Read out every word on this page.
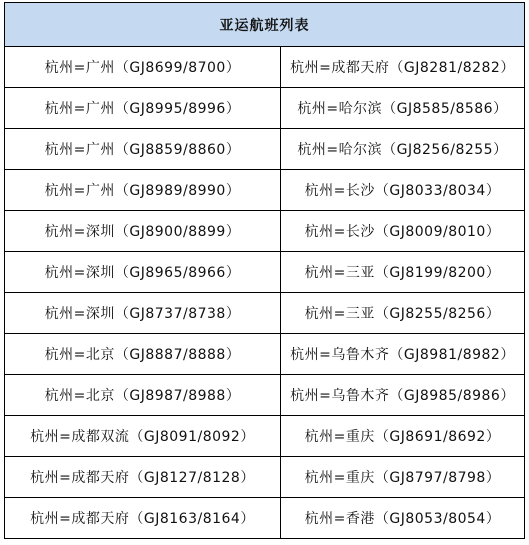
亚运航班列表	
杭州=广州（GJ8699/8700）	杭州=成都天府（GJ8281/8282）
杭州=广州（GJ8995/8996）	杭州=哈尔滨（GJ8585/8586）
杭州=广州（GJ8859/8860）	杭州=哈尔滨（GJ8256/8255）
杭州=广州（GJ8989/8990）	杭州=长沙（GJ8033/8034）
杭州=深圳（GJ8900/8899）	杭州=长沙（GJ8009/8010）
杭州=深圳（GJ8965/8966）	杭州=三亚（GJ8199/8200）
杭州=深圳（GJ8737/8738）	杭州=三亚（GJ8255/8256）
杭州=北京（GJ8887/8888）	杭州=乌鲁木齐（GJ8981/8982）
杭州=北京（GJ8987/8988）	杭州=乌鲁木齐（GJ8985/8986）
杭州=成都双流（GJ8091/8092）	杭州=重庆（GJ8691/8692）
杭州=成都天府（GJ8127/8128）	杭州=重庆（GJ8797/8798）
杭州=成都天府（GJ8163/8164）	杭州=香港（GJ8053/8054）
